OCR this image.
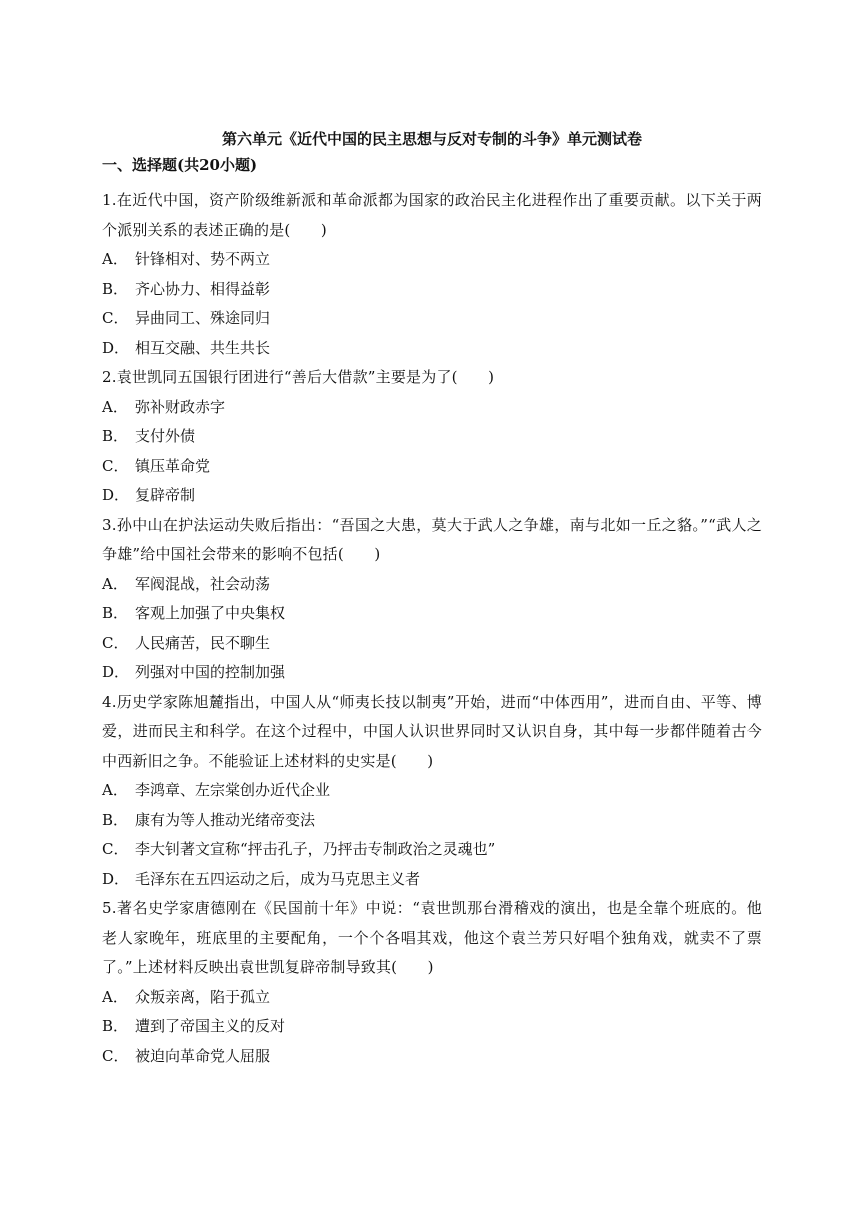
第六单元《近代中国的民主思想与反对专制的斗争》单元测试卷
一、选择题(共20小题)

1.在近代中国，资产阶级维新派和革命派都为国家的政治民主化进程作出了重要贡献。以下关于两个派别关系的表述正确的是(　　)

A． 针锋相对、势不两立
B． 齐心协力、相得益彰
C． 异曲同工、殊途同归
D． 相互交融、共生共长

2.袁世凯同五国银行团进行“善后大借款”主要是为了(　　)

A． 弥补财政赤字
B． 支付外债
C． 镇压革命党
D． 复辟帝制

3.孙中山在护法运动失败后指出：“吾国之大患，莫大于武人之争雄，南与北如一丘之貉。”“武人之争雄”给中国社会带来的影响不包括(　　)

A． 军阀混战，社会动荡
B． 客观上加强了中央集权
C． 人民痛苦，民不聊生
D． 列强对中国的控制加强

4.历史学家陈旭麓指出，中国人从“师夷长技以制夷”开始，进而“中体西用”，进而自由、平等、博爱，进而民主和科学。在这个过程中，中国人认识世界同时又认识自身，其中每一步都伴随着古今中西新旧之争。不能验证上述材料的史实是(　　)

A． 李鸿章、左宗棠创办近代企业
B． 康有为等人推动光绪帝变法
C． 李大钊著文宣称“抨击孔子，乃抨击专制政治之灵魂也”
D． 毛泽东在五四运动之后，成为马克思主义者

5.著名史学家唐德刚在《民国前十年》中说：“袁世凯那台滑稽戏的演出，也是全靠个班底的。他老人家晚年，班底里的主要配角，一个个各唱其戏，他这个袁兰芳只好唱个独角戏，就卖不了票了。”上述材料反映出袁世凯复辟帝制导致其(　　)

A． 众叛亲离，陷于孤立
B． 遭到了帝国主义的反对
C． 被迫向革命党人屈服
